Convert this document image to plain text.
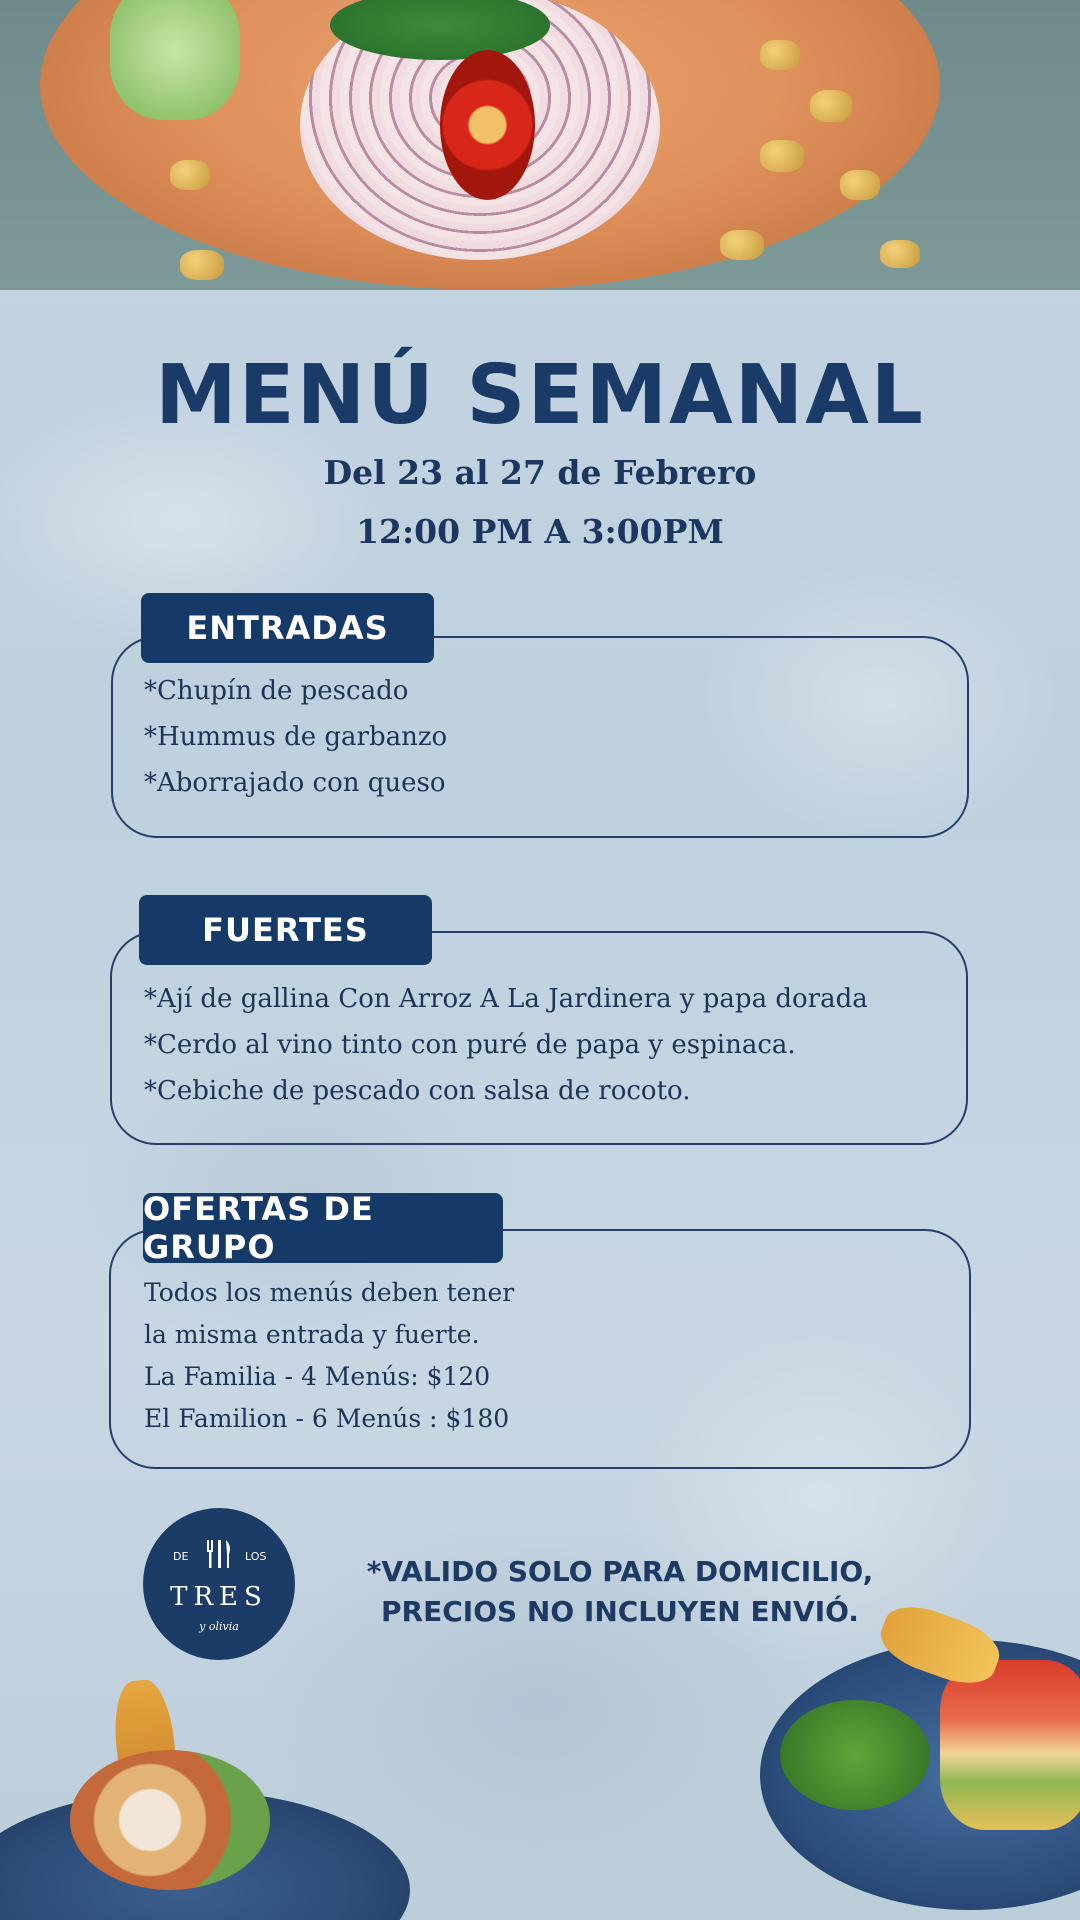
MENÚ SEMANAL
Del 23 al 27 de Febrero
12:00 PM A 3:00PM
ENTRADAS
*Chupín de pescado
*Hummus de garbanzo
*Aborrajado con queso
FUERTES
*Ají de gallina Con Arroz A La Jardinera y papa dorada
*Cerdo al vino tinto con puré de papa y espinaca.
*Cebiche de pescado con salsa de rocoto.
OFERTAS DE GRUPO
Todos los menús deben tener
la misma entrada y fuerte.
La Familia - 4 Menús: $120
El Familion - 6 Menús : $180
DE	LOS
TRES
y olivia
*VALIDO SOLO PARA DOMICILIO, PRECIOS NO INCLUYEN ENVIÓ.
